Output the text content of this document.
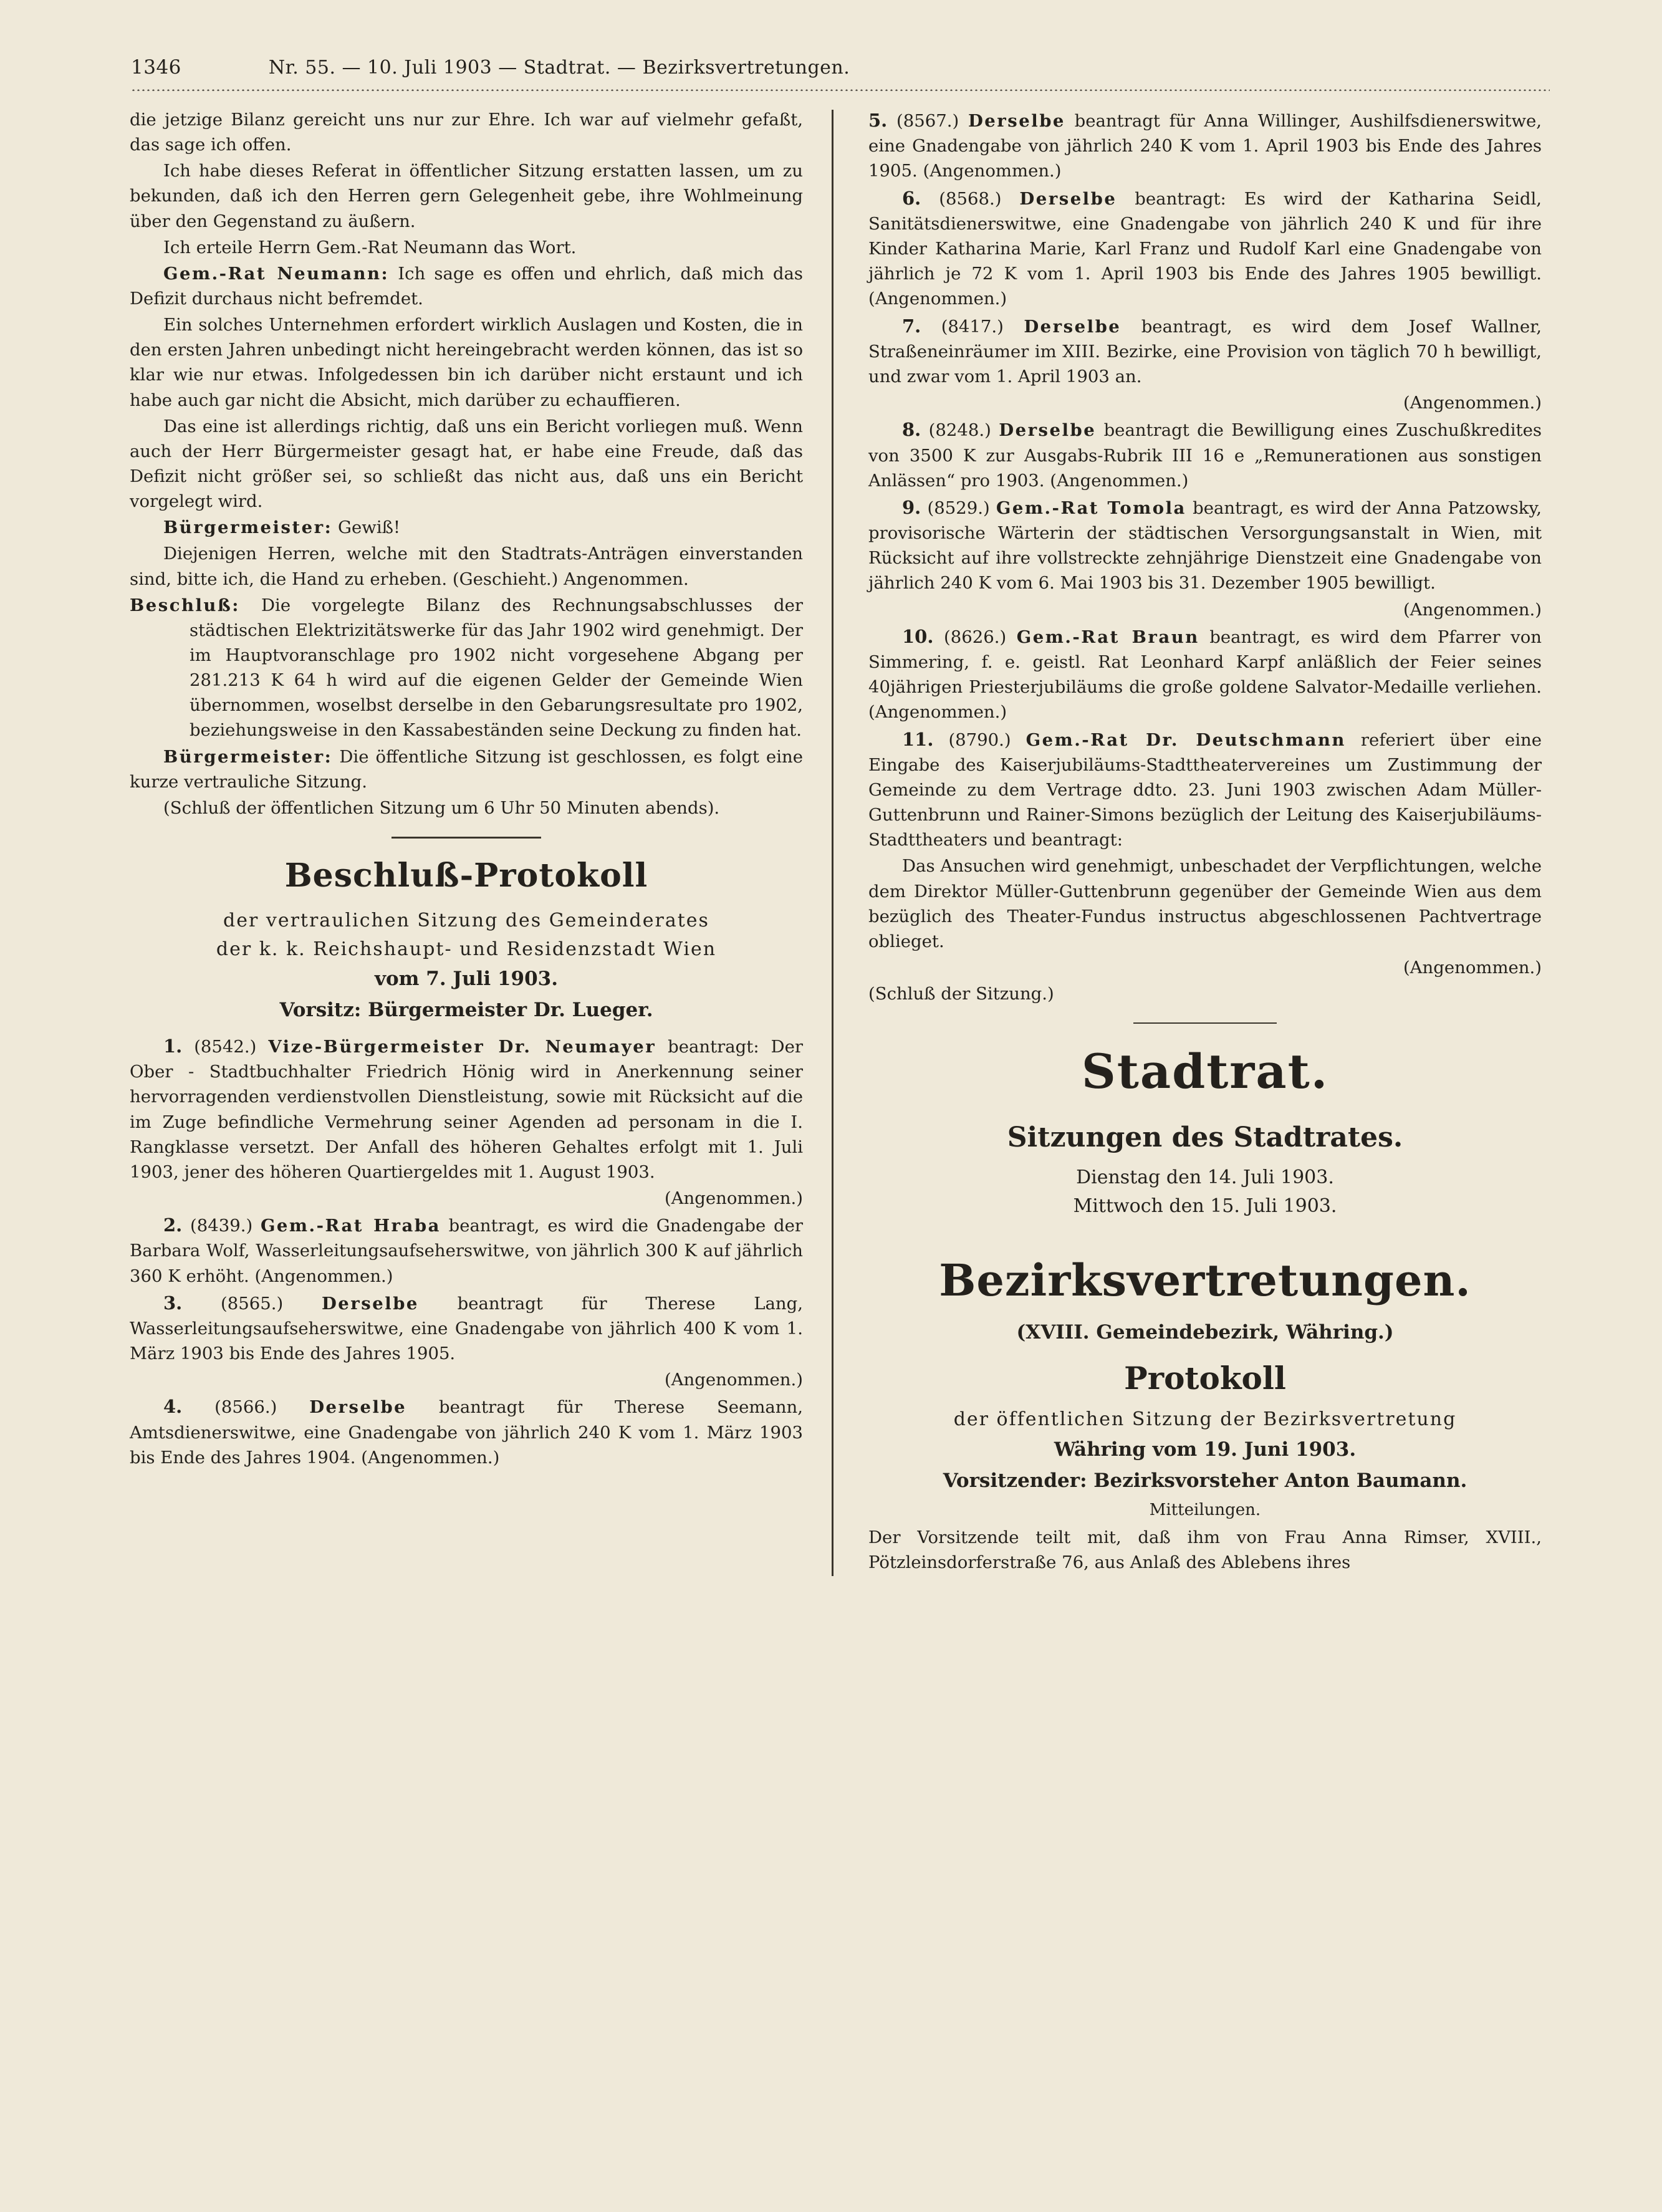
1346	Nr. 55. — 10. Juli 1903 — Stadtrat. — Bezirksvertretungen.

die jetzige Bilanz gereicht uns nur zur Ehre. Ich war auf vielmehr gefaßt, das sage ich offen.

Ich habe dieses Referat in öffentlicher Sitzung erstatten lassen, um zu bekunden, daß ich den Herren gern Gelegenheit gebe, ihre Wohlmeinung über den Gegenstand zu äußern.

Ich erteile Herrn Gem.-Rat Neumann das Wort.

Gem.-Rat Neumann: Ich sage es offen und ehrlich, daß mich das Defizit durchaus nicht befremdet.

Ein solches Unternehmen erfordert wirklich Auslagen und Kosten, die in den ersten Jahren unbedingt nicht hereingebracht werden können, das ist so klar wie nur etwas. Infolgedessen bin ich darüber nicht erstaunt und ich habe auch gar nicht die Absicht, mich darüber zu echauffieren.

Das eine ist allerdings richtig, daß uns ein Bericht vorliegen muß. Wenn auch der Herr Bürgermeister gesagt hat, er habe eine Freude, daß das Defizit nicht größer sei, so schließt das nicht aus, daß uns ein Bericht vorgelegt wird.

Bürgermeister: Gewiß!

Diejenigen Herren, welche mit den Stadtrats-Anträgen einverstanden sind, bitte ich, die Hand zu erheben. (Geschieht.) Angenommen.

Beschluß: Die vorgelegte Bilanz des Rechnungsabschlusses der städtischen Elektrizitätswerke für das Jahr 1902 wird genehmigt. Der im Hauptvoranschlage pro 1902 nicht vorgesehene Abgang per 281.213 K 64 h wird auf die eigenen Gelder der Gemeinde Wien übernommen, woselbst derselbe in den Gebarungsresultate pro 1902, beziehungsweise in den Kassabeständen seine Deckung zu finden hat.

Bürgermeister: Die öffentliche Sitzung ist geschlossen, es folgt eine kurze vertrauliche Sitzung.

(Schluß der öffentlichen Sitzung um 6 Uhr 50 Minuten abends).

Beschluß-Protokoll
der vertraulichen Sitzung des Gemeinderates
der k. k. Reichshaupt- und Residenzstadt Wien
vom 7. Juli 1903.
Vorsitz: Bürgermeister Dr. Lueger.

1. (8542.) Vize-Bürgermeister Dr. Neumayer beantragt: Der Ober - Stadtbuchhalter Friedrich Hönig wird in Anerkennung seiner hervorragenden verdienstvollen Dienstleistung, sowie mit Rücksicht auf die im Zuge befindliche Vermehrung seiner Agenden ad personam in die I. Rangklasse versetzt. Der Anfall des höheren Gehaltes erfolgt mit 1. Juli 1903, jener des höheren Quartiergeldes mit 1. August 1903.

(Angenommen.)

2. (8439.) Gem.-Rat Hraba beantragt, es wird die Gnadengabe der Barbara Wolf, Wasserleitungsaufseherswitwe, von jährlich 300 K auf jährlich 360 K erhöht. (Angenommen.)

3. (8565.) Derselbe beantragt für Therese Lang, Wasserleitungsaufseherswitwe, eine Gnadengabe von jährlich 400 K vom 1. März 1903 bis Ende des Jahres 1905.

(Angenommen.)

4. (8566.) Derselbe beantragt für Therese Seemann, Amtsdienerswitwe, eine Gnadengabe von jährlich 240 K vom 1. März 1903 bis Ende des Jahres 1904. (Angenommen.)

5. (8567.) Derselbe beantragt für Anna Willinger, Aushilfsdienerswitwe, eine Gnadengabe von jährlich 240 K vom 1. April 1903 bis Ende des Jahres 1905. (Angenommen.)

6. (8568.) Derselbe beantragt: Es wird der Katharina Seidl, Sanitätsdienerswitwe, eine Gnadengabe von jährlich 240 K und für ihre Kinder Katharina Marie, Karl Franz und Rudolf Karl eine Gnadengabe von jährlich je 72 K vom 1. April 1903 bis Ende des Jahres 1905 bewilligt. (Angenommen.)

7. (8417.) Derselbe beantragt, es wird dem Josef Wallner, Straßeneinräumer im XIII. Bezirke, eine Provision von täglich 70 h bewilligt, und zwar vom 1. April 1903 an.

(Angenommen.)

8. (8248.) Derselbe beantragt die Bewilligung eines Zuschußkredites von 3500 K zur Ausgabs-Rubrik III 16 e „Remunerationen aus sonstigen Anlässen“ pro 1903. (Angenommen.)

9. (8529.) Gem.-Rat Tomola beantragt, es wird der Anna Patzowsky, provisorische Wärterin der städtischen Versorgungsanstalt in Wien, mit Rücksicht auf ihre vollstreckte zehnjährige Dienstzeit eine Gnadengabe von jährlich 240 K vom 6. Mai 1903 bis 31. Dezember 1905 bewilligt.

(Angenommen.)

10. (8626.) Gem.-Rat Braun beantragt, es wird dem Pfarrer von Simmering, f. e. geistl. Rat Leonhard Karpf anläßlich der Feier seines 40jährigen Priesterjubiläums die große goldene Salvator-Medaille verliehen. (Angenommen.)

11. (8790.) Gem.-Rat Dr. Deutschmann referiert über eine Eingabe des Kaiserjubiläums-Stadttheatervereines um Zustimmung der Gemeinde zu dem Vertrage ddto. 23. Juni 1903 zwischen Adam Müller-Guttenbrunn und Rainer-Simons bezüglich der Leitung des Kaiserjubiläums-Stadttheaters und beantragt:

Das Ansuchen wird genehmigt, unbeschadet der Verpflichtungen, welche dem Direktor Müller-Guttenbrunn gegenüber der Gemeinde Wien aus dem bezüglich des Theater-Fundus instructus abgeschlossenen Pachtvertrage oblieget.

(Angenommen.)

(Schluß der Sitzung.)

Stadtrat.
Sitzungen des Stadtrates.
Dienstag den 14. Juli 1903.
Mittwoch den 15. Juli 1903.
Bezirksvertretungen.
(XVIII. Gemeindebezirk, Währing.)
Protokoll
der öffentlichen Sitzung der Bezirksvertretung
Währing vom 19. Juni 1903.
Vorsitzender: Bezirksvorsteher Anton Baumann.
Mitteilungen.

Der Vorsitzende teilt mit, daß ihm von Frau Anna Rimser, XVIII., Pötzleinsdorferstraße 76, aus Anlaß des Ablebens ihres
